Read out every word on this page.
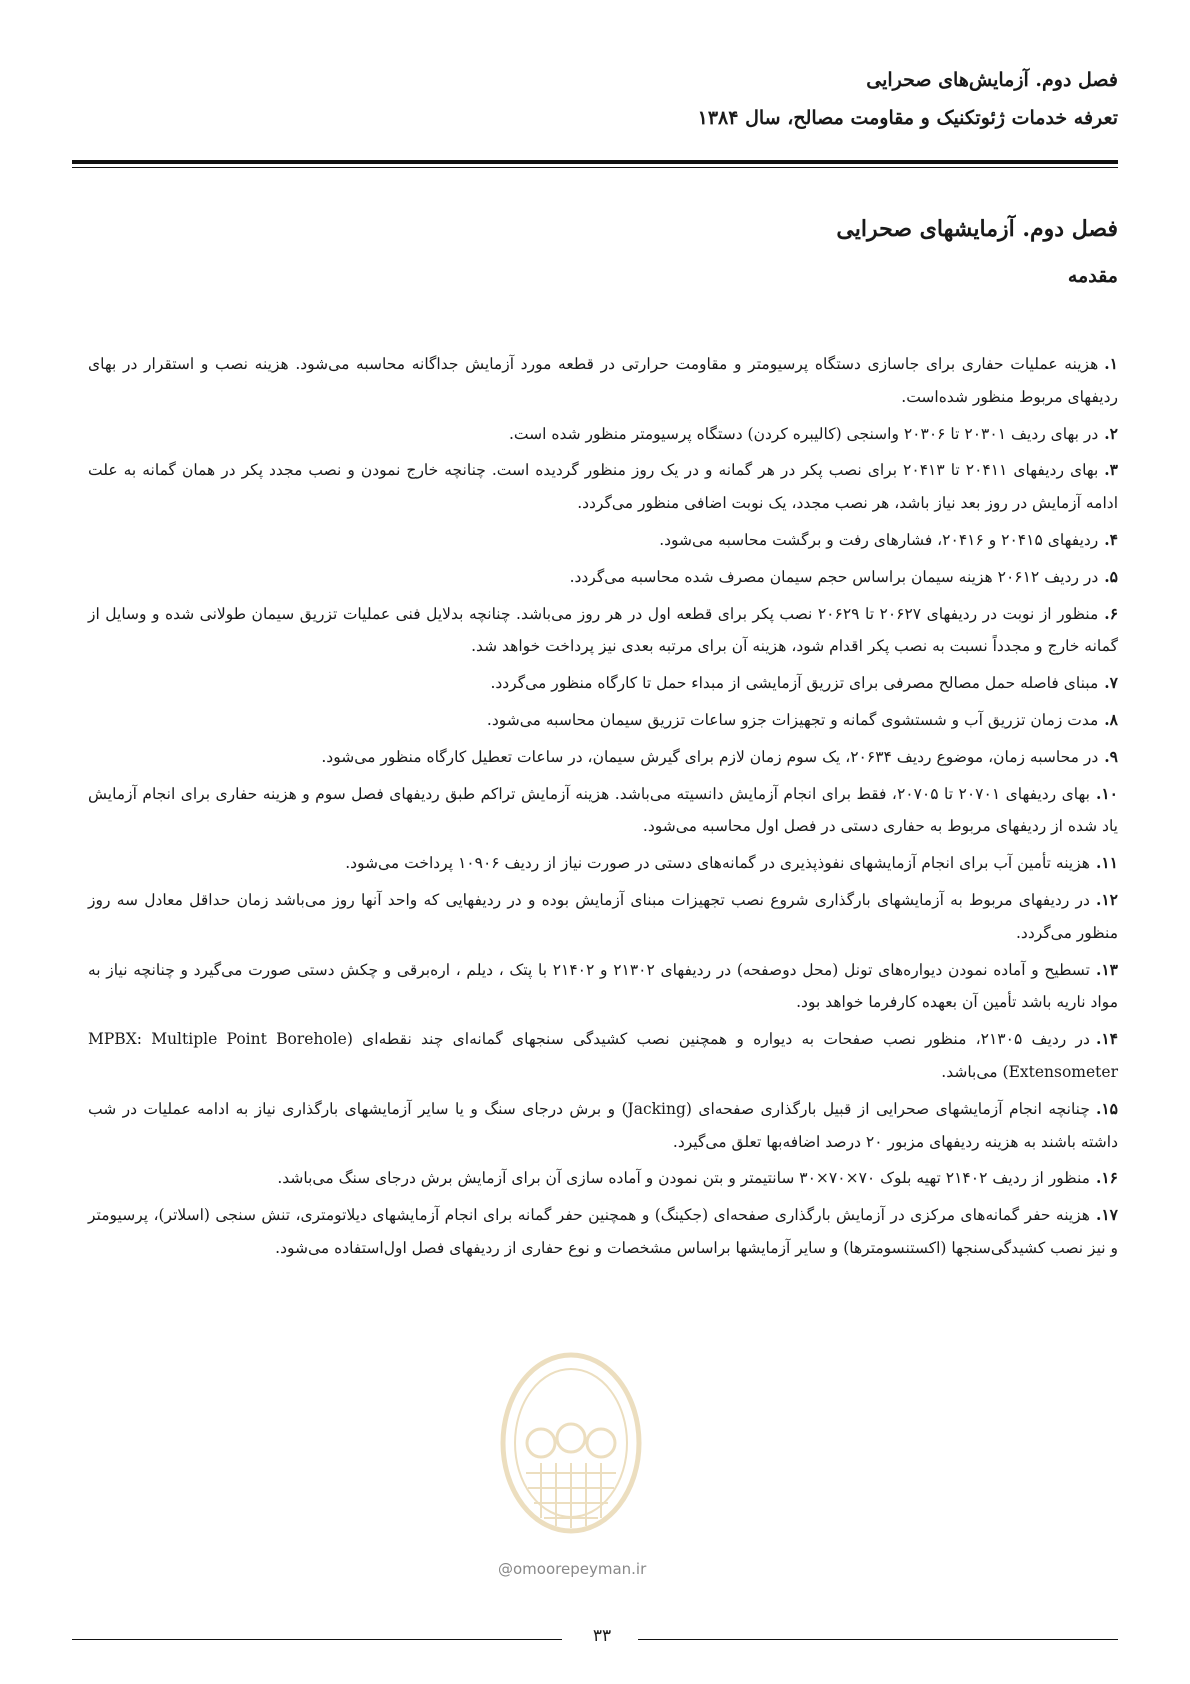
فصل دوم. آزمایش‌های صحرایی
تعرفه خدمات ژئوتکنیک و مقاومت مصالح، سال ۱۳۸۴
فصل دوم. آزمایشهای صحرایی
مقدمه

۱.هزینه عملیات حفاری برای جاسازی دستگاه پرسیومتر و مقاومت حرارتی در قطعه مورد آزمایش جداگانه محاسبه می‌شود. هزینه نصب و استقرار در بهای ردیفهای مربوط منظور شده‌است.

۲.در بهای ردیف ۲۰۳۰۱ تا ۲۰۳۰۶ واسنجی (کالیبره کردن) دستگاه پرسیومتر منظور شده است.

۳.بهای ردیفهای ۲۰۴۱۱ تا ۲۰۴۱۳ برای نصب پکر در هر گمانه و در یک روز منظور گردیده است. چنانچه خارج نمودن و نصب مجدد پکر در همان گمانه به علت ادامه آزمایش در روز بعد نیاز باشد، هر نصب مجدد، یک نوبت اضافی منظور می‌گردد.

۴.ردیفهای ۲۰۴۱۵ و ۲۰۴۱۶، فشارهای رفت و برگشت محاسبه می‌شود.

۵.در ردیف ۲۰۶۱۲ هزینه سیمان براساس حجم سیمان مصرف شده محاسبه می‌گردد.

۶.منظور از نوبت در ردیفهای ۲۰۶۲۷ تا ۲۰۶۲۹ نصب پکر برای قطعه اول در هر روز می‌باشد. چنانچه بدلایل فنی عملیات تزریق سیمان طولانی شده و وسایل از گمانه خارج و مجدداً نسبت به نصب پکر اقدام شود، هزینه آن برای مرتبه بعدی نیز پرداخت خواهد شد.

۷.مبنای فاصله حمل مصالح مصرفی برای تزریق آزمایشی از مبداء حمل تا کارگاه منظور می‌گردد.

۸.مدت زمان تزریق آب و شستشوی گمانه و تجهیزات جزو ساعات تزریق سیمان محاسبه می‌شود.

۹.در محاسبه زمان، موضوع ردیف ۲۰۶۳۴، یک سوم زمان لازم برای گیرش سیمان، در ساعات تعطیل کارگاه منظور می‌شود.

۱۰.بهای ردیفهای ۲۰۷۰۱ تا ۲۰۷۰۵، فقط برای انجام آزمایش دانسیته می‌باشد. هزینه آزمایش تراکم طبق ردیفهای فصل سوم و هزینه حفاری برای انجام آزمایش یاد شده از ردیفهای مربوط به حفاری دستی در فصل اول محاسبه می‌شود.

۱۱.هزینه تأمین آب برای انجام آزمایشهای نفوذپذیری در گمانه‌های دستی در صورت نیاز از ردیف ۱۰۹۰۶ پرداخت می‌شود.

۱۲.در ردیفهای مربوط به آزمایشهای بارگذاری شروع نصب تجهیزات مبنای آزمایش بوده و در ردیفهایی که واحد آنها روز می‌باشد زمان حداقل معادل سه روز منظور می‌گردد.

۱۳.تسطیح و آماده نمودن دیواره‌های تونل (محل دوصفحه) در ردیفهای ۲۱۳۰۲ و ۲۱۴۰۲ با پتک ، دیلم ، اره‌برقی و چکش دستی صورت می‌گیرد و چنانچه نیاز به مواد ناریه باشد تأمین آن بعهده کارفرما خواهد بود.

۱۴.در ردیف ۲۱۳۰۵، منظور نصب صفحات به دیواره و همچنین نصب کشیدگی سنجهای گمانه‌ای چند نقطه‌ای (MPBX: Multiple Point Borehole Extensometer) می‌باشد.

۱۵.چنانچه انجام آزمایشهای صحرایی از قبیل بارگذاری صفحه‌ای (Jacking) و برش درجای سنگ و یا سایر آزمایشهای بارگذاری نیاز به ادامه عملیات در شب داشته باشند به هزینه ردیفهای مزبور ۲۰ درصد اضافه‌بها تعلق می‌گیرد.

۱۶.منظور از ردیف ۲۱۴۰۲ تهیه بلوک ۷۰×۷۰×۳۰ سانتیمتر و بتن نمودن و آماده سازی آن برای آزمایش برش درجای سنگ می‌باشد.

۱۷.هزینه حفر گمانه‌های مرکزی در آزمایش بارگذاری صفحه‌ای (جکینگ) و همچنین حفر گمانه برای انجام آزمایشهای دیلاتومتری، تنش سنجی (اسلاتر)، پرسیومتر و نیز نصب کشیدگی‌سنجها (اکستنسومترها) و سایر آزمایشها براساس مشخصات و نوع حفاری از ردیفهای فصل اول‌استفاده می‌شود.

@omoorepeyman.ir
۳۳
